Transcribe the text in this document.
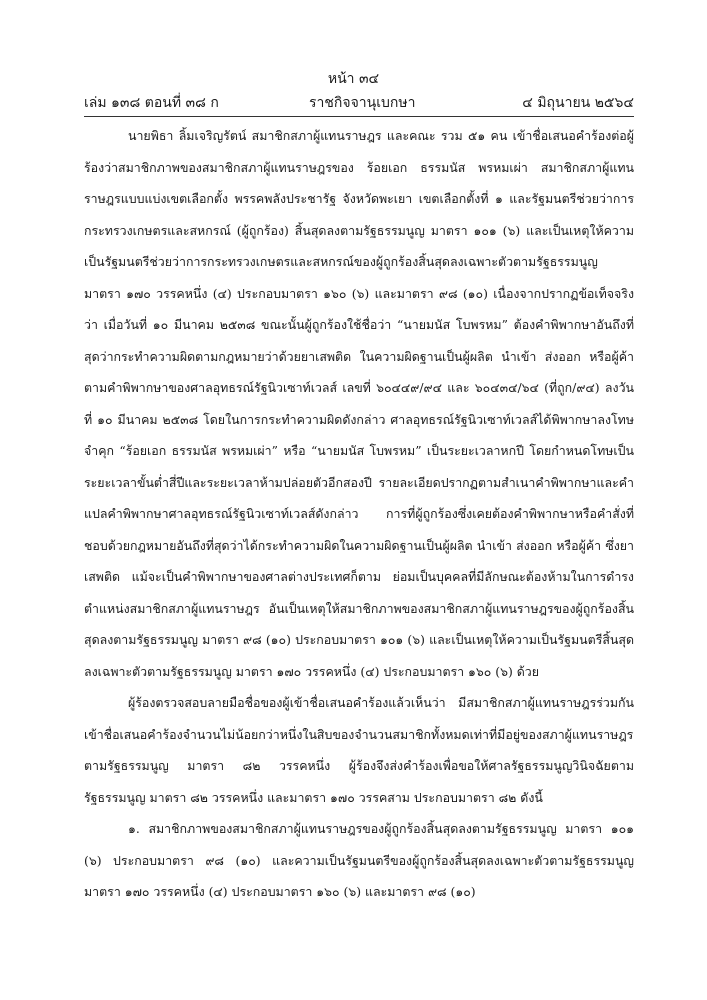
หน้า ๓๔
เล่ม ๑๓๘ ตอนที่ ๓๘ ก	ราชกิจจานุเบกษา	๔ มิถุนายน ๒๕๖๔

นายพิธา ลิ้มเจริญรัตน์ สมาชิกสภาผู้แทนราษฎร และคณะ รวม ๕๑ คน เข้าชื่อเสนอคำร้องต่อผู้ร้องว่าสมาชิกภาพของสมาชิกสภาผู้แทนราษฎรของ ร้อยเอก ธรรมนัส พรหมเผ่า สมาชิกสภาผู้แทนราษฎรแบบแบ่งเขตเลือกตั้ง พรรคพลังประชารัฐ จังหวัดพะเยา เขตเลือกตั้งที่ ๑ และรัฐมนตรีช่วยว่าการกระทรวงเกษตรและสหกรณ์ (ผู้ถูกร้อง) สิ้นสุดลงตามรัฐธรรมนูญ มาตรา ๑๐๑ (๖) และเป็นเหตุให้ความเป็นรัฐมนตรีช่วยว่าการกระทรวงเกษตรและสหกรณ์ของผู้ถูกร้องสิ้นสุดลงเฉพาะตัวตามรัฐธรรมนูญ มาตรา ๑๗๐ วรรคหนึ่ง (๔) ประกอบมาตรา ๑๖๐ (๖) และมาตรา ๙๘ (๑๐) เนื่องจากปรากฏข้อเท็จจริงว่า เมื่อวันที่ ๑๐ มีนาคม ๒๕๓๘ ขณะนั้นผู้ถูกร้องใช้ชื่อว่า “นายมนัส โบพรหม” ต้องคำพิพากษาอันถึงที่สุดว่ากระทำความผิดตามกฎหมายว่าด้วยยาเสพติด ในความผิดฐานเป็นผู้ผลิต นำเข้า ส่งออก หรือผู้ค้า ตามคำพิพากษาของศาลอุทธรณ์รัฐนิวเซาท์เวลส์ เลขที่ ๖๐๔๔๙/๙๔ และ ๖๐๔๓๔/๖๔ (ที่ถูก/๙๔) ลงวันที่ ๑๐ มีนาคม ๒๕๓๘ โดยในการกระทำความผิดดังกล่าว ศาลอุทธรณ์รัฐนิวเซาท์เวลส์ได้พิพากษาลงโทษจำคุก “ร้อยเอก ธรรมนัส พรหมเผ่า” หรือ “นายมนัส โบพรหม” เป็นระยะเวลาหกปี โดยกำหนดโทษเป็นระยะเวลาขั้นต่ำสี่ปีและระยะเวลาห้ามปล่อยตัวอีกสองปี รายละเอียดปรากฏตามสำเนาคำพิพากษาและคำแปลคำพิพากษาศาลอุทธรณ์รัฐนิวเซาท์เวลส์ดังกล่าว การที่ผู้ถูกร้องซึ่งเคยต้องคำพิพากษาหรือคำสั่งที่ชอบด้วยกฎหมายอันถึงที่สุดว่าได้กระทำความผิดในความผิดฐานเป็นผู้ผลิต นำเข้า ส่งออก หรือผู้ค้า ซึ่งยาเสพติด แม้จะเป็นคำพิพากษาของศาลต่างประเทศก็ตาม ย่อมเป็นบุคคลที่มีลักษณะต้องห้ามในการดำรงตำแหน่งสมาชิกสภาผู้แทนราษฎร อันเป็นเหตุให้สมาชิกภาพของสมาชิกสภาผู้แทนราษฎรของผู้ถูกร้องสิ้นสุดลงตามรัฐธรรมนูญ มาตรา ๙๘ (๑๐) ประกอบมาตรา ๑๐๑ (๖) และเป็นเหตุให้ความเป็นรัฐมนตรีสิ้นสุดลงเฉพาะตัวตามรัฐธรรมนูญ มาตรา ๑๗๐ วรรคหนึ่ง (๔) ประกอบมาตรา ๑๖๐ (๖) ด้วย

ผู้ร้องตรวจสอบลายมือชื่อของผู้เข้าชื่อเสนอคำร้องแล้วเห็นว่า มีสมาชิกสภาผู้แทนราษฎรร่วมกันเข้าชื่อเสนอคำร้องจำนวนไม่น้อยกว่าหนึ่งในสิบของจำนวนสมาชิกทั้งหมดเท่าที่มีอยู่ของสภาผู้แทนราษฎรตามรัฐธรรมนูญ มาตรา ๘๒ วรรคหนึ่ง ผู้ร้องจึงส่งคำร้องเพื่อขอให้ศาลรัฐธรรมนูญวินิจฉัยตามรัฐธรรมนูญ มาตรา ๘๒ วรรคหนึ่ง และมาตรา ๑๗๐ วรรคสาม ประกอบมาตรา ๘๒ ดังนี้

๑. สมาชิกภาพของสมาชิกสภาผู้แทนราษฎรของผู้ถูกร้องสิ้นสุดลงตามรัฐธรรมนูญ มาตรา ๑๐๑ (๖) ประกอบมาตรา ๙๘ (๑๐) และความเป็นรัฐมนตรีของผู้ถูกร้องสิ้นสุดลงเฉพาะตัวตามรัฐธรรมนูญ มาตรา ๑๗๐ วรรคหนึ่ง (๔) ประกอบมาตรา ๑๖๐ (๖) และมาตรา ๙๘ (๑๐)
